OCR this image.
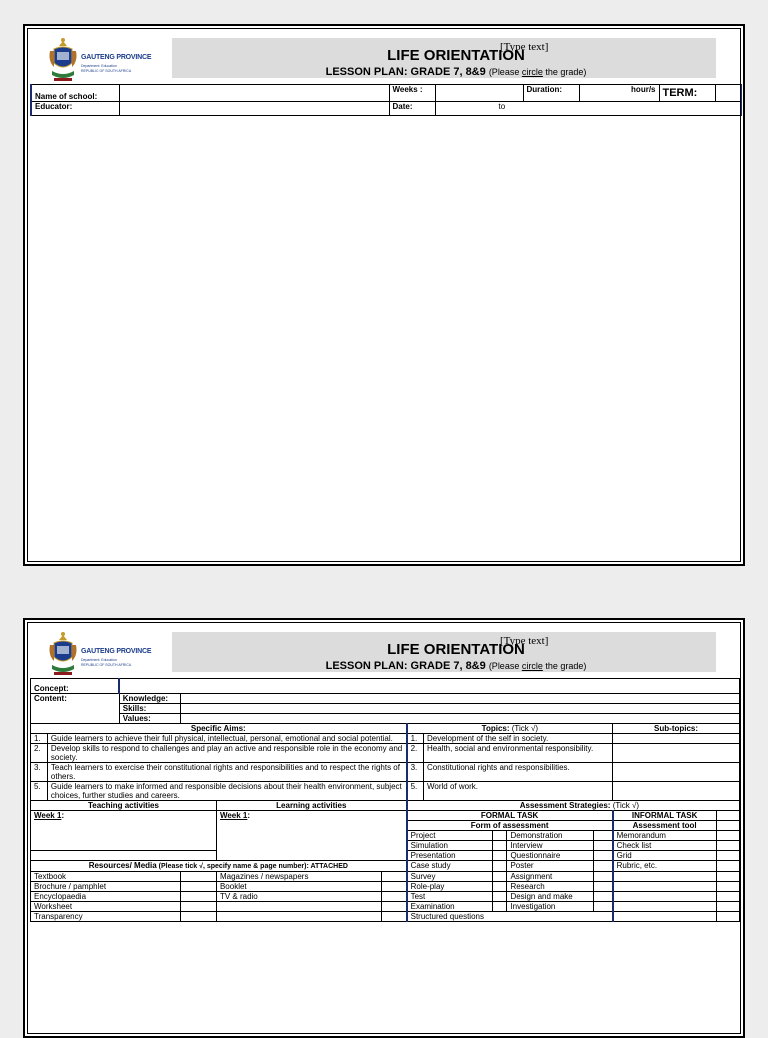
GAUTENG PROVINCE
Department: Education
REPUBLIC OF SOUTH AFRICA
[Type text]
LIFE ORIENTATION
LESSON PLAN: GRADE 7, 8&9 (Please circle the grade)
Name of school:		Weeks :		Duration:	hour/s	TERM:	
Educator:		Date:	to				
GAUTENG PROVINCE
Department: Education
REPUBLIC OF SOUTH AFRICA
[Type text]
LIFE ORIENTATION
LESSON PLAN: GRADE 7, 8&9 (Please circle the grade)
Concept:												
Content:		Knowledge:										
		Skills:										
		Values:										
Specific Aims:						Topics: (Tick √)					Sub-topics:	
1.	Guide learners to achieve their full physical, intellectual, personal, emotional and social potential.					1.	Development of the self in society.					
2.	Develop skills to respond to challenges and play an active and responsible role in the economy and society.					2.	Health, social and environmental responsibility.					
3.	Teach learners to exercise their constitutional rights and responsibilities and to respect the rights of others.					3.	Constitutional rights and responsibilities.					
5.	Guide learners to make informed and responsible decisions about their health environment, subject choices, further studies and careers.					5.	World of work.					
Teaching activities				Learning activities		Assessment Strategies: (Tick √)						
Week 1:				Week 1:		FORMAL TASK					INFORMAL TASK	
						Form of assessment					Assessment tool	
						Project			Demonstration		Memorandum	
						Simulation			Interview		Check list	
						Presentation			Questionnaire		Grid	
Resources/ Media (Please tick √, specify name & page number): ATTACHED						Case study			Poster		Rubric, etc.	
Textbook				Magazines / newspapers		Survey			Assignment			
Brochure / pamphlet				Booklet		Role-play			Research			
Encyclopaedia				TV & radio		Test			Design and make			
Worksheet						Examination			Investigation			
Transparency						Structured questions						
